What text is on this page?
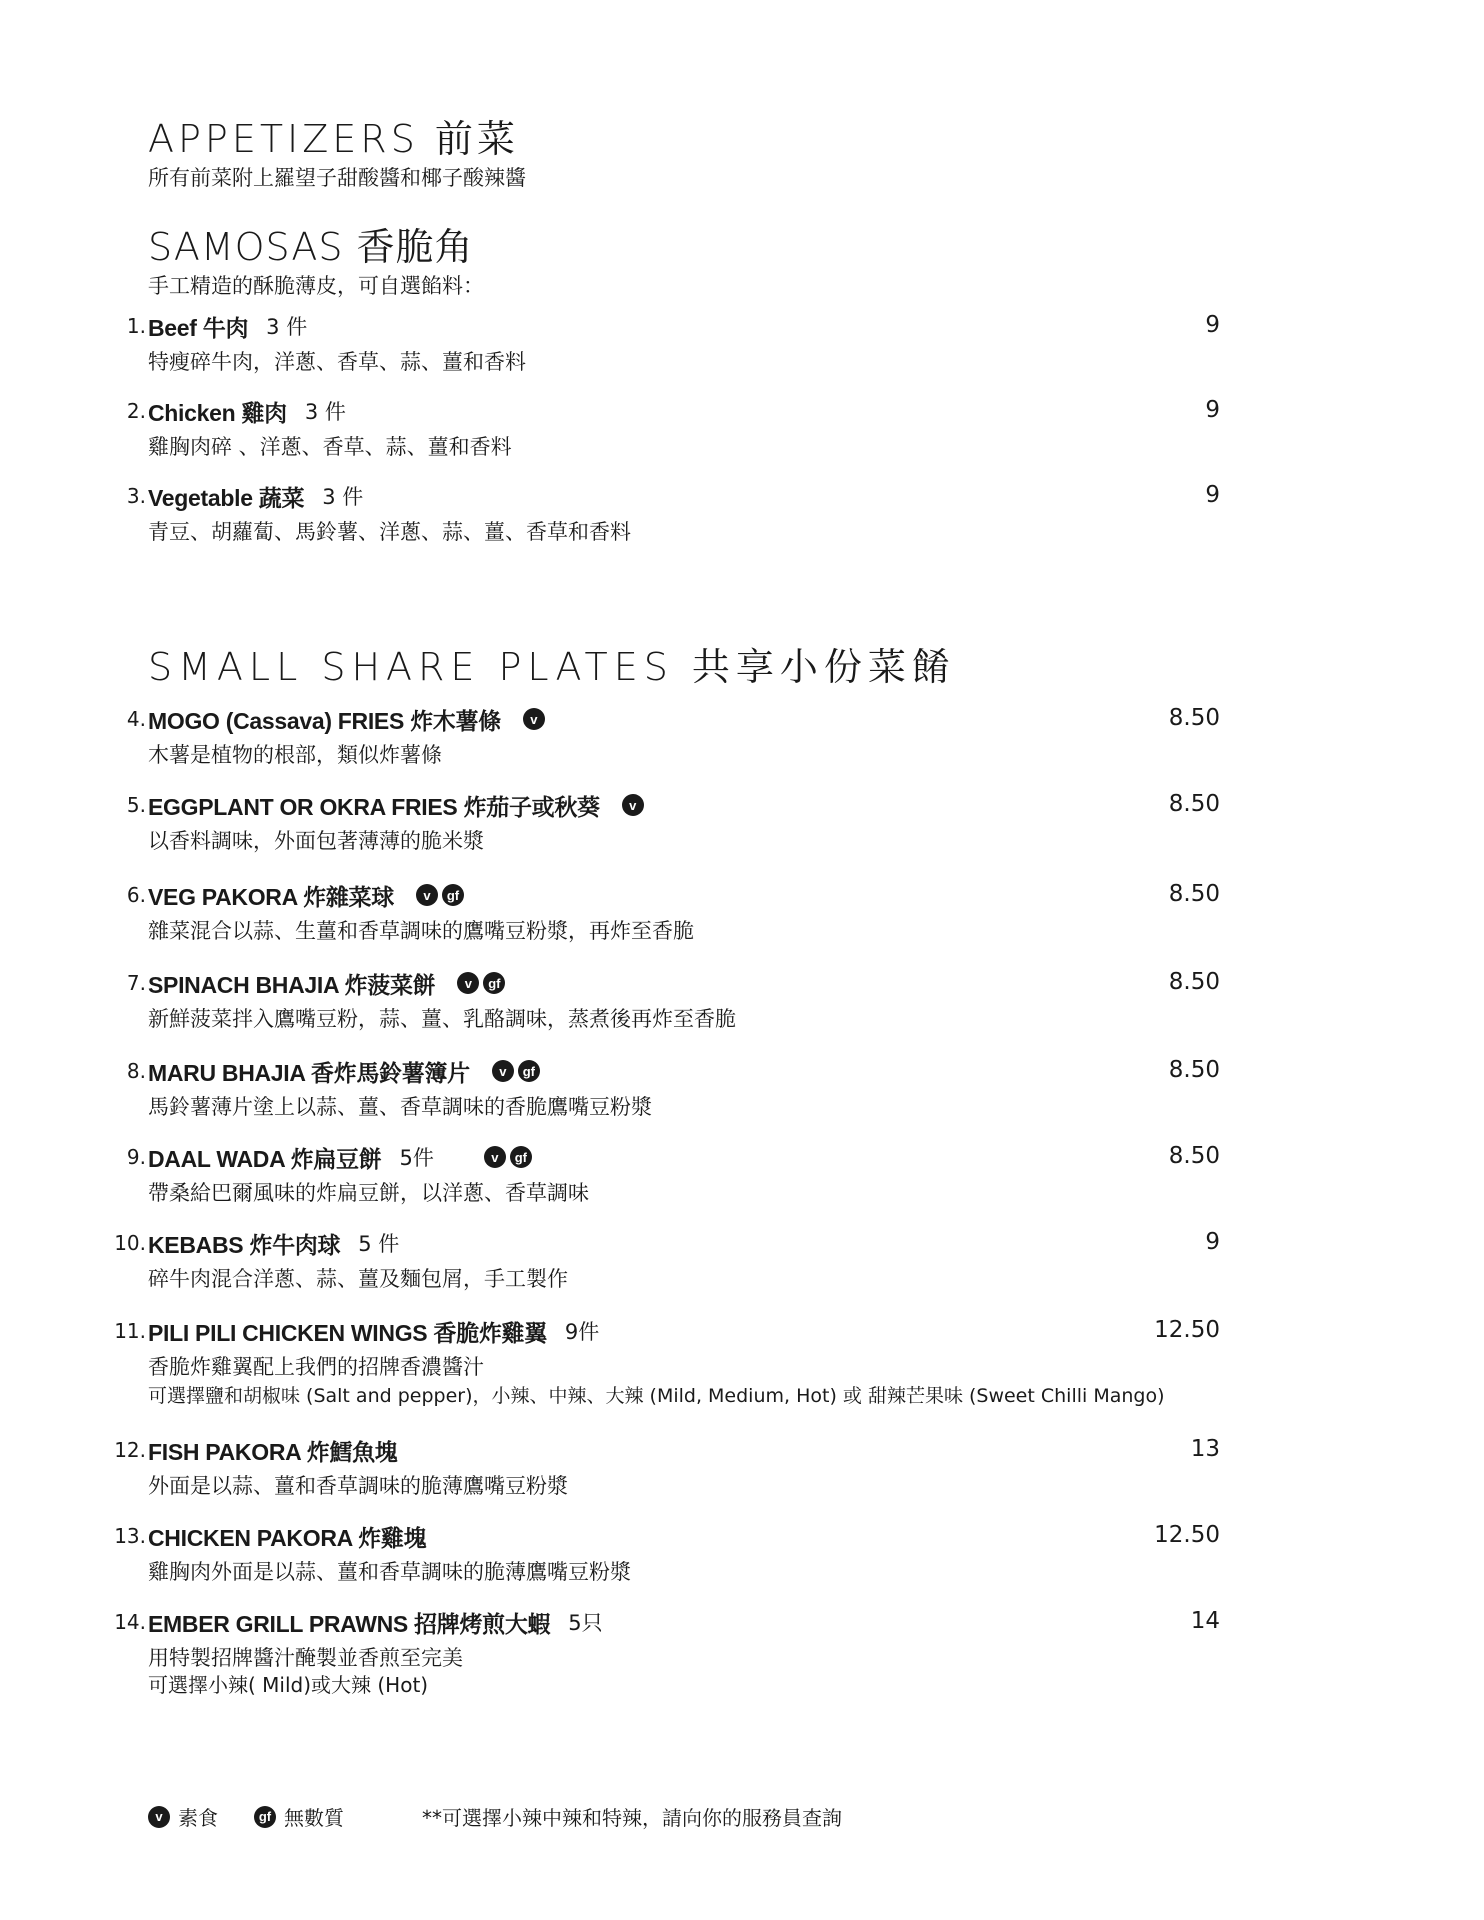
APPETIZERS 前菜
所有前菜附上羅望子甜酸醬和椰子酸辣醬
SAMOSAS 香脆角
手工精造的酥脆薄皮，可自選餡料：
1. Beef 牛肉 3 件	9
特瘦碎牛肉，洋蔥、香草、蒜、薑和香料
2. Chicken 雞肉 3 件	9
雞胸肉碎 、洋蔥、香草、蒜、薑和香料
3. Vegetable 蔬菜 3 件	9
青豆、胡蘿蔔、馬鈴薯、洋蔥、蒜、薑、香草和香料
SMALL SHARE PLATES 共享小份菜餚
4. MOGO (Cassava) FRIES 炸木薯條	v	8.50
木薯是植物的根部，類似炸薯條
5. EGGPLANT OR OKRA FRIES 炸茄子或秋葵	v	8.50
以香料調味，外面包著薄薄的脆米漿
6. VEG PAKORA 炸雜菜球	v	gf	8.50
雜菜混合以蒜、生薑和香草調味的鷹嘴豆粉漿，再炸至香脆
7. SPINACH BHAJIA 炸菠菜餅	v	gf	8.50
新鮮菠菜拌入鷹嘴豆粉，蒜、薑、乳酪調味，蒸煮後再炸至香脆
8. MARU BHAJIA 香炸馬鈴薯簿片	v	gf	8.50
馬鈴薯薄片塗上以蒜、薑、香草調味的香脆鷹嘴豆粉漿
9. DAAL WADA 炸扁豆餅 5件	v	gf	8.50
帶桑給巴爾風味的炸扁豆餅，以洋蔥、香草調味
10. KEBABS 炸牛肉球 5 件	9
碎牛肉混合洋蔥、蒜、薑及麵包屑，手工製作
11. PILI PILI CHICKEN WINGS 香脆炸雞翼 9件	12.50
香脆炸雞翼配上我們的招牌香濃醬汁
可選擇鹽和胡椒味 (Salt and pepper)，小辣、中辣、大辣 (Mild, Medium, Hot) 或 甜辣芒果味 (Sweet Chilli Mango)
12. FISH PAKORA 炸鱈魚塊	13
外面是以蒜、薑和香草調味的脆薄鷹嘴豆粉漿
13. CHICKEN PAKORA 炸雞塊	12.50
雞胸肉外面是以蒜、薑和香草調味的脆薄鷹嘴豆粉漿
14. EMBER GRILL PRAWNS 招牌烤煎大蝦 5只	14
用特製招牌醬汁醃製並香煎至完美
可選擇小辣( Mild)或大辣 (Hot)
v 素食	gf 無數質	**可選擇小辣中辣和特辣，請向你的服務員查詢
